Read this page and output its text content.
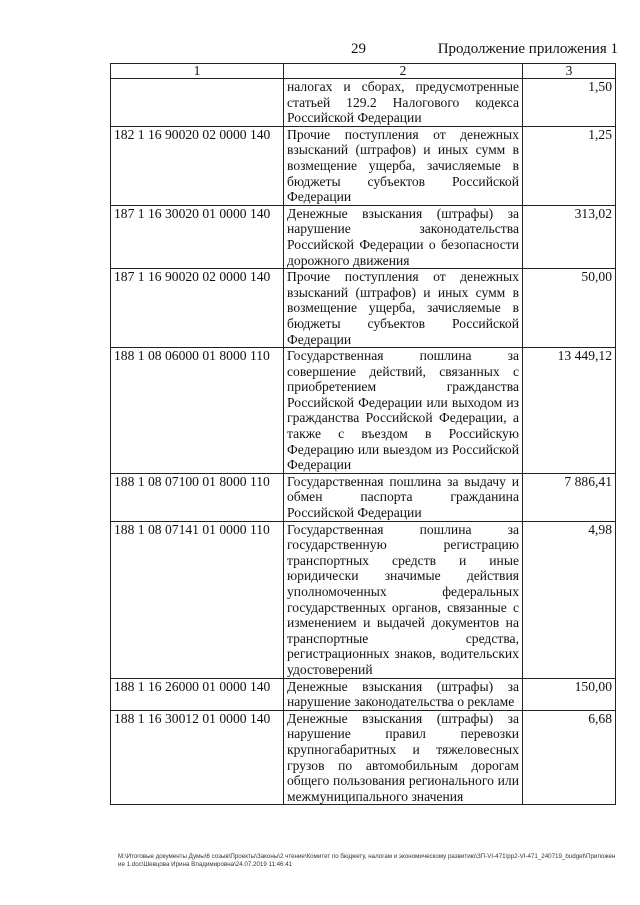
29	Продолжение приложения 1
1	2	3
	налогах и сборах, предусмотренные статьей 129.2 Налогового кодекса Российской Федерации	1,50
182 1 16 90020 02 0000 140	Прочие поступления от денежных взысканий (штрафов) и иных сумм в возмещение ущерба, зачисляемые в бюджеты субъектов Российской Федерации	1,25
187 1 16 30020 01 0000 140	Денежные взыскания (штрафы) за нарушение законодательства Российской Федерации о безопасности дорожного движения	313,02
187 1 16 90020 02 0000 140	Прочие поступления от денежных взысканий (штрафов) и иных сумм в возмещение ущерба, зачисляемые в бюджеты субъектов Российской Федерации	50,00
188 1 08 06000 01 8000 110	Государственная пошлина за совершение действий, связанных с приобретением гражданства Российской Федерации или выходом из гражданства Российской Федерации, а также с въездом в Российскую Федерацию или выездом из Российской Федерации	13 449,12
188 1 08 07100 01 8000 110	Государственная пошлина за выдачу и обмен паспорта гражданина Российской Федерации	7 886,41
188 1 08 07141 01 0000 110	Государственная пошлина за государственную регистрацию транспортных средств и иные юридически значимые действия уполномоченных федеральных государственных органов, связанные с изменением и выдачей документов на транспортные средства, регистрационных знаков, водительских удостоверений	4,98
188 1 16 26000 01 0000 140	Денежные взыскания (штрафы) за нарушение законодательства о рекламе	150,00
188 1 16 30012 01 0000 140	Денежные взыскания (штрафы) за нарушение правил перевозки крупногабаритных и тяжеловесных грузов по автомобильным дорогам общего пользования регионального или межмуниципального значения	6,68
M:\Итоговые документы Думы\6 созыв\Проекты\Законы\2 чтение\Комитет по бюджету, налогам и экономическому развитию\ЗП-VI-471\pp2-VI-471_240719_budget\Приложение 1.doc\Шевцова Ирина Владимировна\24.07.2019 11:46:41
